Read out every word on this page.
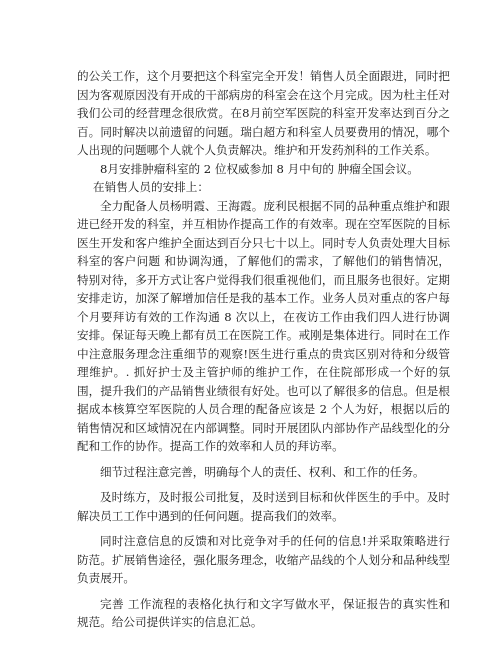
的公关工作，这个月要把这个科室完全开发！销售人员全面跟进，同时把因为客观原因没有开成的干部病房的科室会在这个月完成。因为杜主任对我们公司的经营理念很欣赏。在8月前空军医院的科室开发率达到百分之百。同时解决以前遗留的问题。瑞白超方和科室人员要费用的情况，哪个人出现的问题哪个人就个人负责解决。维护和开发药剂科的工作关系。

8月安排肿瘤科室的 2 位权威参加 8 月中旬的 肿瘤全国会议。

在销售人员的安排上：

全力配备人员杨明霞、王海霞。庞利民根据不同的品种重点维护和跟进已经开发的科室，并互相协作提高工作的有效率。现在空军医院的目标医生开发和客户维护全面达到百分只七十以上。同时专人负责处理大目标科室的客户问题 和协调沟通，了解他们的需求，了解他们的销售情况，特别对待，多开方式让客户觉得我们很重视他们，而且服务也很好。定期安排走访，加深了解增加信任是我的基本工作。业务人员对重点的客户每个月要拜访有效的工作沟通 8 次以上，在夜访工作由我们四人进行协调安排。保证每天晚上都有员工在医院工作。戒刚是集体进行。同时在工作中注意服务理念注重细节的观察!医生进行重点的贵宾区别对待和分级管理维护。. 抓好护士及主管护师的维护工作，在住院部形成一个好的氛围，提升我们的产品销售业绩很有好处。也可以了解很多的信息。但是根据成本核算空军医院的人员合理的配备应该是 2 个人为好，根据以后的销售情况和区域情况在内部调整。同时开展团队内部协作产品线型化的分配和工作的协作。提高工作的效率和人员的拜访率。

细节过程注意完善，明确每个人的责任、权利、和工作的任务。

及时练方，及时报公司批复，及时送到目标和伙伴医生的手中。及时解决员工工作中遇到的任何问题。提高我们的效率。

同时注意信息的反馈和对比竞争对手的任何的信息!并采取策略进行防范。扩展销售途径，强化服务理念，收缩产品线的个人划分和品种线型负责展开。

完善 工作流程的表格化执行和文字写做水平，保证报告的真实性和规范。给公司提供详实的信息汇总。
